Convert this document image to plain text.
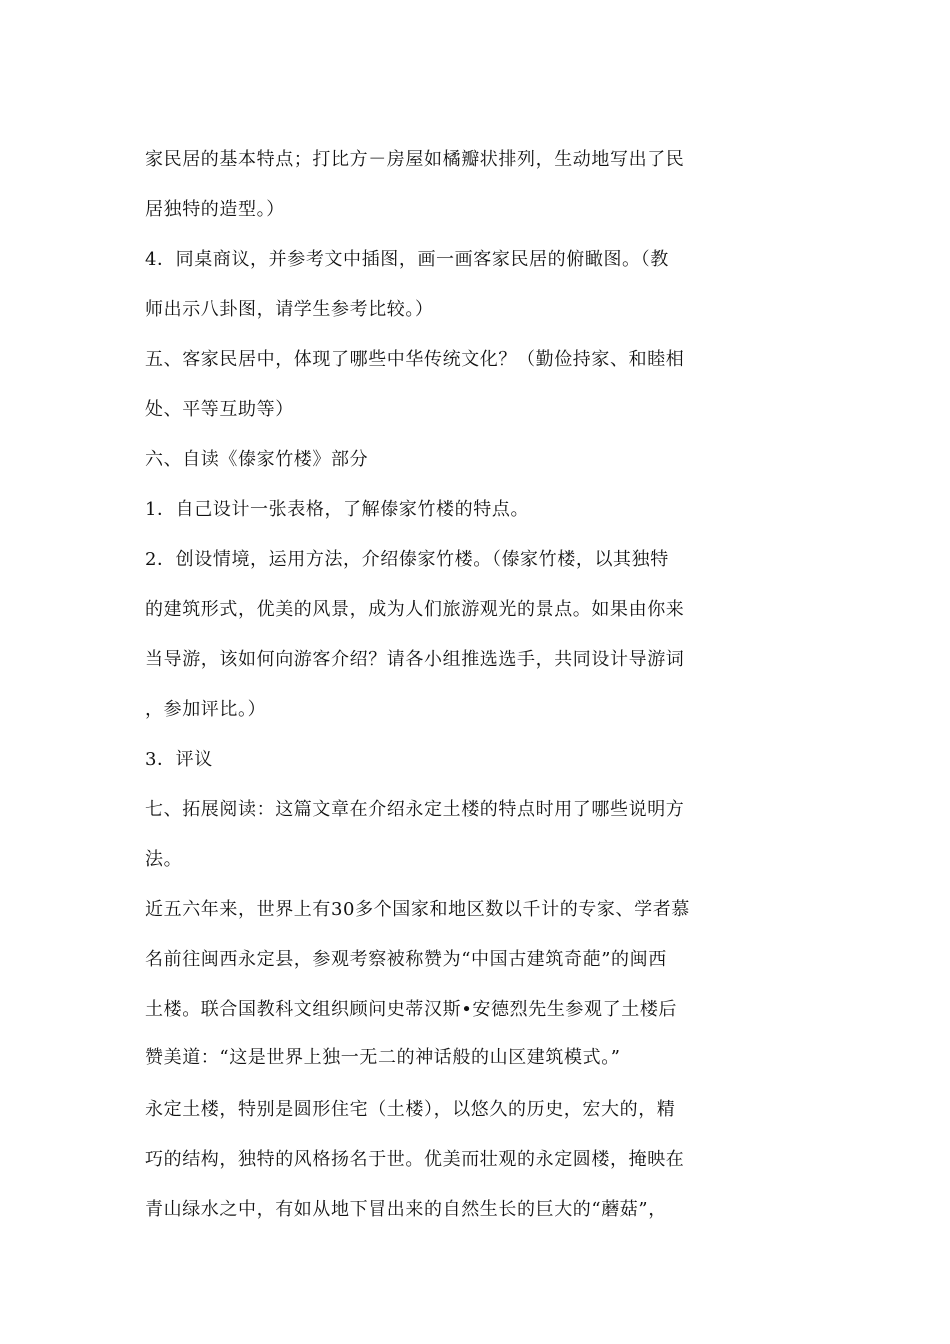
家民居的基本特点；打比方－房屋如橘瓣状排列，生动地写出了民
居独特的造型。）
4．同桌商议，并参考文中插图，画一画客家民居的俯瞰图。（教
师出示八卦图，请学生参考比较。）
五、客家民居中，体现了哪些中华传统文化？（勤俭持家、和睦相
处、平等互助等）
六、自读《傣家竹楼》部分
1．自己设计一张表格，了解傣家竹楼的特点。
2．创设情境，运用方法，介绍傣家竹楼。（傣家竹楼，以其独特
的建筑形式，优美的风景，成为人们旅游观光的景点。如果由你来
当导游，该如何向游客介绍？请各小组推选选手，共同设计导游词
，参加评比。）
3．评议
七、拓展阅读：这篇文章在介绍永定土楼的特点时用了哪些说明方
法。
近五六年来，世界上有30多个国家和地区数以千计的专家、学者慕
名前往闽西永定县，参观考察被称赞为“中国古建筑奇葩”的闽西
土楼。联合国教科文组织顾问史蒂汉斯•安德烈先生参观了土楼后
赞美道：“这是世界上独一无二的神话般的山区建筑模式。”
永定土楼，特别是圆形住宅（土楼），以悠久的历史，宏大的，精
巧的结构，独特的风格扬名于世。优美而壮观的永定圆楼，掩映在
青山绿水之中，有如从地下冒出来的自然生长的巨大的“蘑菇”，
